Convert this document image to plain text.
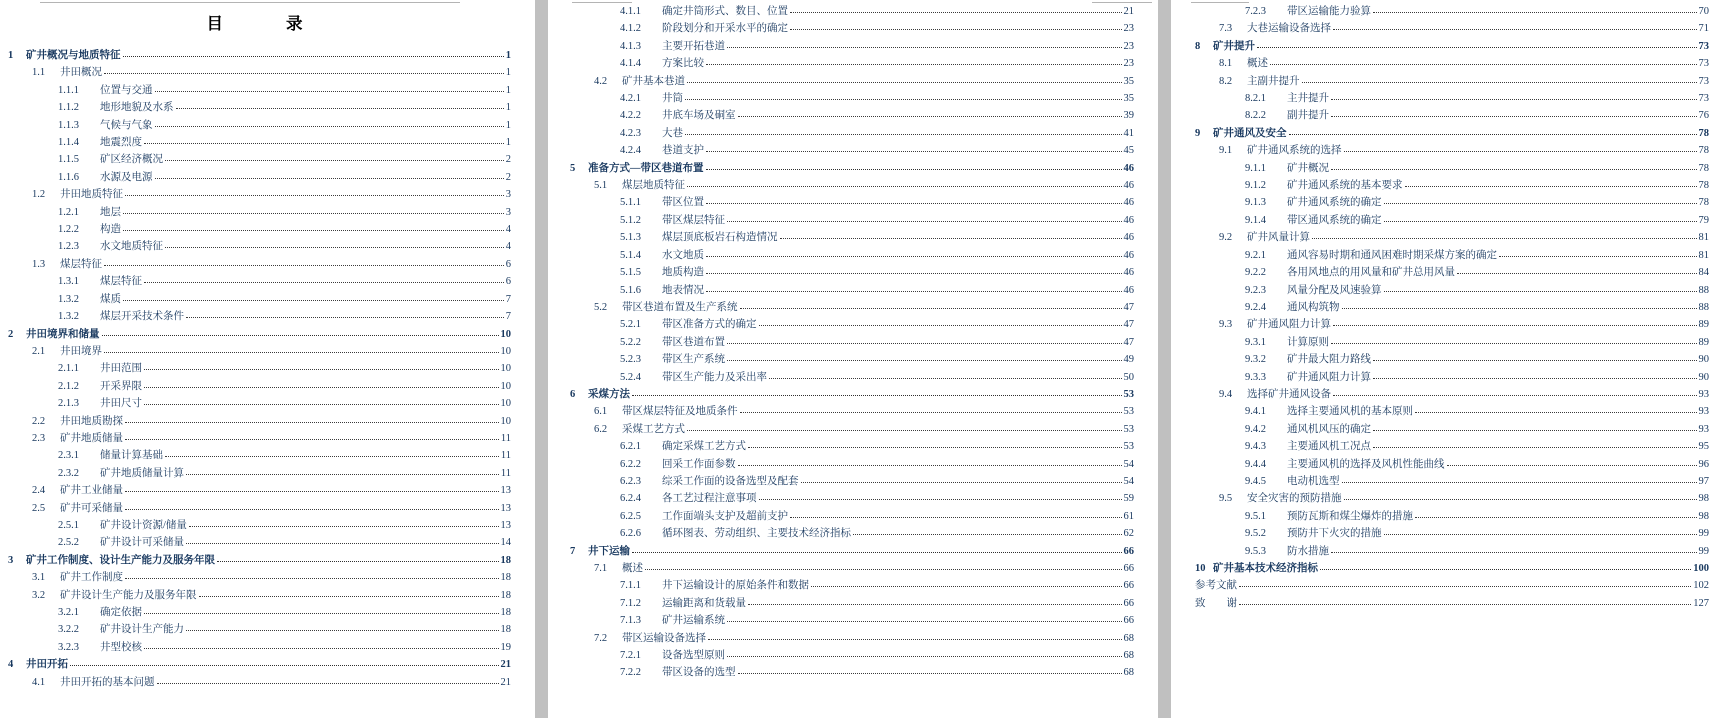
目　　录
1	矿井概况与地质特征	1
1.1	井田概况	1
1.1.1	位置与交通	1
1.1.2	地形地貌及水系	1
1.1.3	气候与气象	1
1.1.4	地震烈度	1
1.1.5	矿区经济概况	2
1.1.6	水源及电源	2
1.2	井田地质特征	3
1.2.1	地层	3
1.2.2	构造	4
1.2.3	水文地质特征	4
1.3	煤层特征	6
1.3.1	煤层特征	6
1.3.2	煤质	7
1.3.2	煤层开采技术条件	7
2	井田境界和储量	10
2.1	井田境界	10
2.1.1	井田范围	10
2.1.2	开采界限	10
2.1.3	井田尺寸	10
2.2	井田地质勘探	10
2.3	矿井地质储量	11
2.3.1	储量计算基础	11
2.3.2	矿井地质储量计算	11
2.4	矿井工业储量	13
2.5	矿井可采储量	13
2.5.1	矿井设计资源/储量	13
2.5.2	矿井设计可采储量	14
3	矿井工作制度、设计生产能力及服务年限	18
3.1	矿井工作制度	18
3.2	矿井设计生产能力及服务年限	18
3.2.1	确定依据	18
3.2.2	矿井设计生产能力	18
3.2.3	井型校核	19
4	井田开拓	21
4.1	井田开拓的基本问题	21
4.1.1	确定井筒形式、数目、位置	21
4.1.2	阶段划分和开采水平的确定	23
4.1.3	主要开拓巷道	23
4.1.4	方案比较	23
4.2	矿井基本巷道	35
4.2.1	井筒	35
4.2.2	井底车场及硐室	39
4.2.3	大巷	41
4.2.4	巷道支护	45
5	准备方式—带区巷道布置	46
5.1	煤层地质特征	46
5.1.1	带区位置	46
5.1.2	带区煤层特征	46
5.1.3	煤层顶底板岩石构造情况	46
5.1.4	水文地质	46
5.1.5	地质构造	46
5.1.6	地表情况	46
5.2	带区巷道布置及生产系统	47
5.2.1	带区准备方式的确定	47
5.2.2	带区巷道布置	47
5.2.3	带区生产系统	49
5.2.4	带区生产能力及采出率	50
6	采煤方法	53
6.1	带区煤层特征及地质条件	53
6.2	采煤工艺方式	53
6.2.1	确定采煤工艺方式	53
6.2.2	回采工作面参数	54
6.2.3	综采工作面的设备选型及配套	54
6.2.4	各工艺过程注意事项	59
6.2.5	工作面端头支护及超前支护	61
6.2.6	循环图表、劳动组织、主要技术经济指标	62
7	井下运输	66
7.1	概述	66
7.1.1	井下运输设计的原始条件和数据	66
7.1.2	运输距离和货载量	66
7.1.3	矿井运输系统	66
7.2	带区运输设备选择	68
7.2.1	设备选型原则	68
7.2.2	带区设备的选型	68
7.2.3	带区运输能力验算	70
7.3	大巷运输设备选择	71
8	矿井提升	73
8.1	概述	73
8.2	主副井提升	73
8.2.1	主井提升	73
8.2.2	副井提升	76
9	矿井通风及安全	78
9.1	矿井通风系统的选择	78
9.1.1	矿井概况	78
9.1.2	矿井通风系统的基本要求	78
9.1.3	矿井通风系统的确定	78
9.1.4	带区通风系统的确定	79
9.2	矿井风量计算	81
9.2.1	通风容易时期和通风困难时期采煤方案的确定	81
9.2.2	各用风地点的用风量和矿井总用风量	84
9.2.3	风量分配及风速验算	88
9.2.4	通风构筑物	88
9.3	矿井通风阻力计算	89
9.3.1	计算原则	89
9.3.2	矿井最大阻力路线	90
9.3.3	矿井通风阻力计算	90
9.4	选择矿井通风设备	93
9.4.1	选择主要通风机的基本原则	93
9.4.2	通风机风压的确定	93
9.4.3	主要通风机工况点	95
9.4.4	主要通风机的选择及风机性能曲线	96
9.4.5	电动机选型	97
9.5	安全灾害的预防措施	98
9.5.1	预防瓦斯和煤尘爆炸的措施	98
9.5.2	预防井下火灾的措施	99
9.5.3	防水措施	99
10 矿井基本技术经济指标	100
参考文献	102
致　　谢	127
